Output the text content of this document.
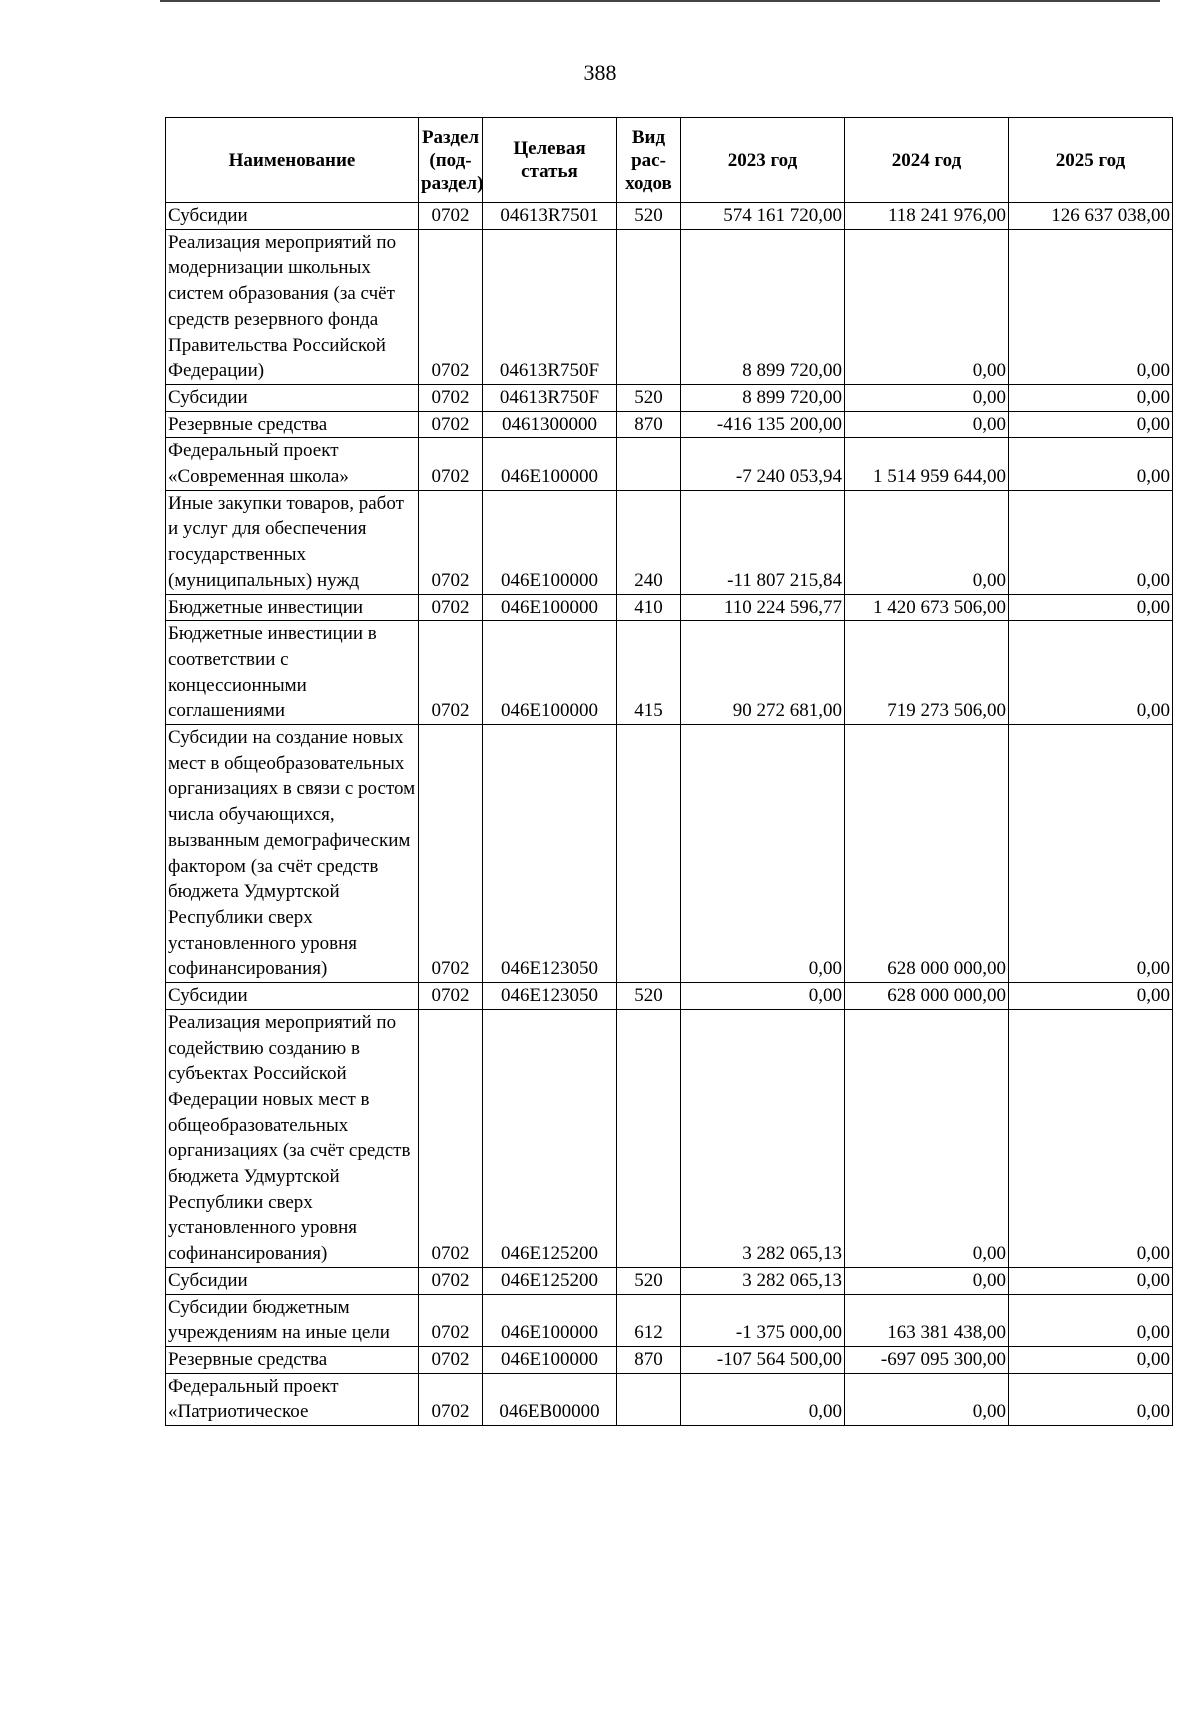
388
Наименование	Раздел (под-раздел)	Целевая статья	Вид рас-ходов	2023 год	2024 год	2025 год
Субсидии	0702	04613R7501	520	574 161 720,00	118 241 976,00	126 637 038,00
Реализация мероприятий по модернизации школьных систем образования (за счёт средств резервного фонда Правительства Российской Федерации)	0702	04613R750F		8 899 720,00	0,00	0,00
Субсидии	0702	04613R750F	520	8 899 720,00	0,00	0,00
Резервные средства	0702	0461300000	870	-416 135 200,00	0,00	0,00
Федеральный проект «Современная школа»	0702	046E100000		-7 240 053,94	1 514 959 644,00	0,00
Иные закупки товаров, работ и услуг для обеспечения государственных (муниципальных) нужд	0702	046E100000	240	-11 807 215,84	0,00	0,00
Бюджетные инвестиции	0702	046E100000	410	110 224 596,77	1 420 673 506,00	0,00
Бюджетные инвестиции в соответствии с концессионными соглашениями	0702	046E100000	415	90 272 681,00	719 273 506,00	0,00
Субсидии на создание новых мест в общеобразовательных организациях в связи с ростом числа обучающихся, вызванным демографическим фактором (за счёт средств бюджета Удмуртской Республики сверх установленного уровня софинансирования)	0702	046E123050		0,00	628 000 000,00	0,00
Субсидии	0702	046E123050	520	0,00	628 000 000,00	0,00
Реализация мероприятий по содействию созданию в субъектах Российской Федерации новых мест в общеобразовательных организациях (за счёт средств бюджета Удмуртской Республики сверх установленного уровня софинансирования)	0702	046E125200		3 282 065,13	0,00	0,00
Субсидии	0702	046E125200	520	3 282 065,13	0,00	0,00
Субсидии бюджетным учреждениям на иные цели	0702	046E100000	612	-1 375 000,00	163 381 438,00	0,00
Резервные средства	0702	046E100000	870	-107 564 500,00	-697 095 300,00	0,00
Федеральный проект «Патриотическое	0702	046EB00000		0,00	0,00	0,00
